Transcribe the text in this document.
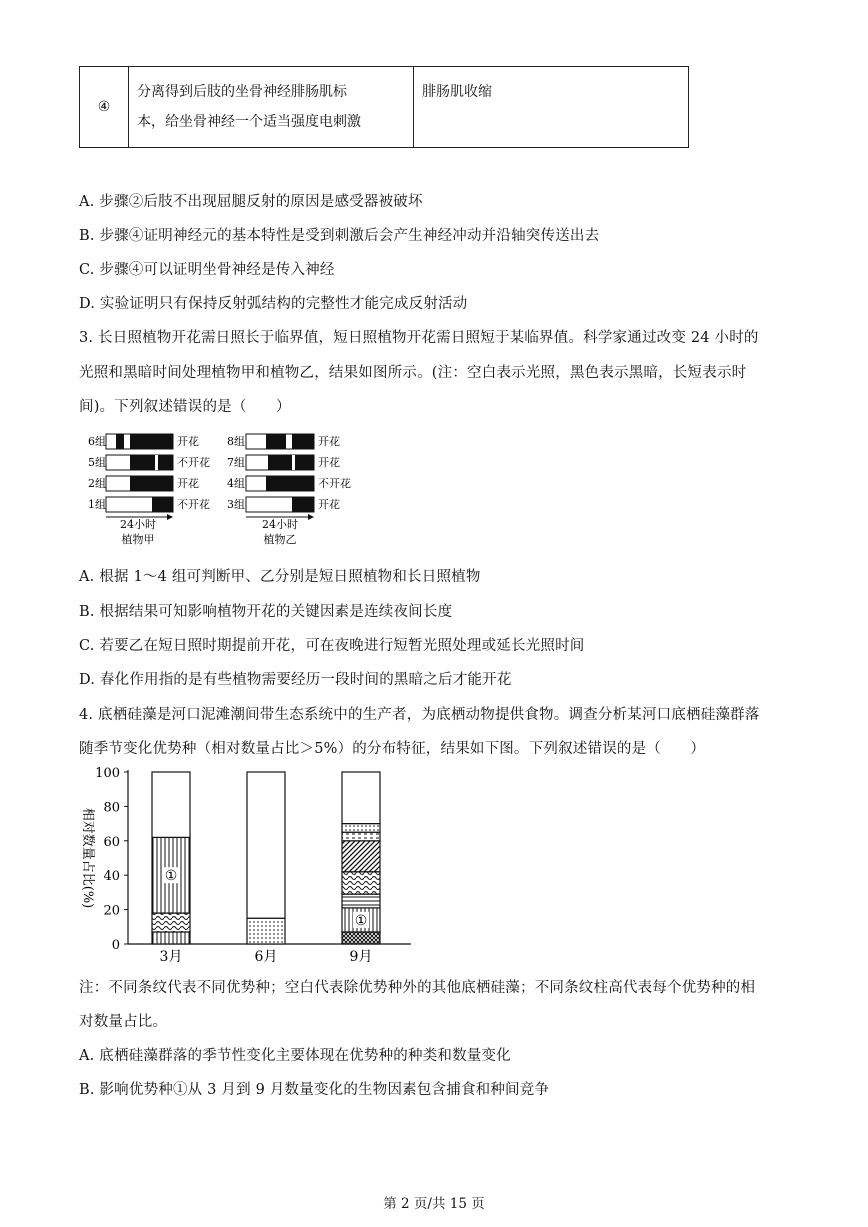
④	
分离得到后肢的坐骨神经腓肠肌标
本，给坐骨神经一个适当强度电刺激
	腓肠肌收缩
A. 步骤②后肢不出现屈腿反射的原因是感受器被破坏
B. 步骤④证明神经元的基本特性是受到刺激后会产生神经冲动并沿轴突传送出去
C. 步骤④可以证明坐骨神经是传入神经
D. 实验证明只有保持反射弧结构的完整性才能完成反射活动
3. 长日照植物开花需日照长于临界值，短日照植物开花需日照短于某临界值。科学家通过改变 24 小时的
光照和黑暗时间处理植物甲和植物乙，结果如图所示。(注：空白表示光照，黑色表示黑暗，长短表示时
间)。下列叙述错误的是（　　）
6组	开花
5组	不开花
2组	开花
1组	不开花
24小时
植物甲
8组	开花
7组	开花
4组	不开花
3组	开花
24小时
植物乙
A. 根据 1～4 组可判断甲、乙分别是短日照植物和长日照植物
B. 根据结果可知影响植物开花的关键因素是连续夜间长度
C. 若要乙在短日照时期提前开花，可在夜晚进行短暂光照处理或延长光照时间
D. 春化作用指的是有些植物需要经历一段时间的黑暗之后才能开花
4. 底栖硅藻是河口泥滩潮间带生态系统中的生产者，为底栖动物提供食物。调查分析某河口底栖硅藻群落
随季节变化优势种（相对数量占比＞5%）的分布特征，结果如下图。下列叙述错误的是（　　）
0
20
40
60
80
100
①
3月	6月
①
9月
相对数量占比(%)
注：不同条纹代表不同优势种；空白代表除优势种外的其他底栖硅藻；不同条纹柱高代表每个优势种的相
对数量占比。
A. 底栖硅藻群落的季节性变化主要体现在优势种的种类和数量变化
B. 影响优势种①从 3 月到 9 月数量变化的生物因素包含捕食和种间竞争
第 2 页/共 15 页
